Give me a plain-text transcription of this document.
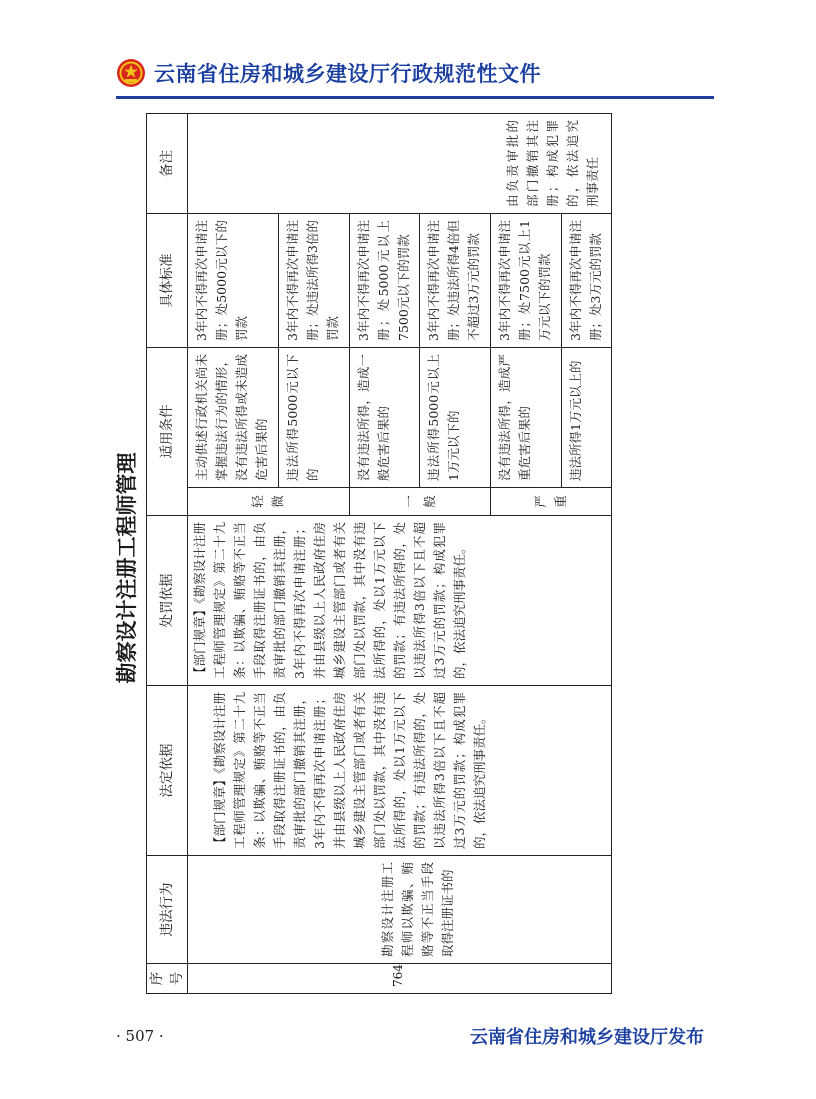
云南省住房和城乡建设厅行政规范性文件
勘察设计注册工程师管理
序号	违法行为	法定依据	处罚依据	适用条件		具体标准	备注

764	勘察设计注册工程师以欺骗、贿赂等不正当手段取得注册证书的	【部门规章】《勘察设计注册工程师管理规定》第二十九条：以欺骗、贿赂等不正当手段取得注册证书的，由负责审批的部门撤销其注册，3年内不得再次申请注册；并由县级以上人民政府住房城乡建设主管部门或者有关部门处以罚款，其中没有违法所得的，处以1万元以下的罚款；有违法所得的，处以违法所得3倍以下且不超过3万元的罚款；构成犯罪的，依法追究刑事责任。	【部门规章】《勘察设计注册工程师管理规定》第二十九条：以欺骗、贿赂等不正当手段取得注册证书的，由负责审批的部门撤销其注册，3年内不得再次申请注册；并由县级以上人民政府住房城乡建设主管部门或者有关部门处以罚款，其中没有违法所得的，处以1万元以下的罚款；有违法所得的，处以违法所得3倍以下且不超过3万元的罚款；构成犯罪的，依法追究刑事责任。	轻微	主动供述行政机关尚未掌握违法行为的情形，没有违法所得或未造成危害后果的	3年内不得再次申请注册；处5000元以下的罚款	由负责审批的部门撤销其注册；构成犯罪的，依法追究刑事责任
					违法所得5000元以下的	3年内不得再次申请注册；处违法所得3倍的罚款	
				一般	没有违法所得，造成一般危害后果的	3年内不得再次申请注册；处5000元以上7500元以下的罚款	
					违法所得5000元以上1万元以下的	3年内不得再次申请注册；处违法所得4倍但不超过3万元的罚款	
				严重	没有违法所得，造成严重危害后果的	3年内不得再次申请注册；处7500元以上1万元以下的罚款	
					违法所得1万元以上的	3年内不得再次申请注册；处3万元的罚款	
· 507 ·	云南省住房和城乡建设厅发布
